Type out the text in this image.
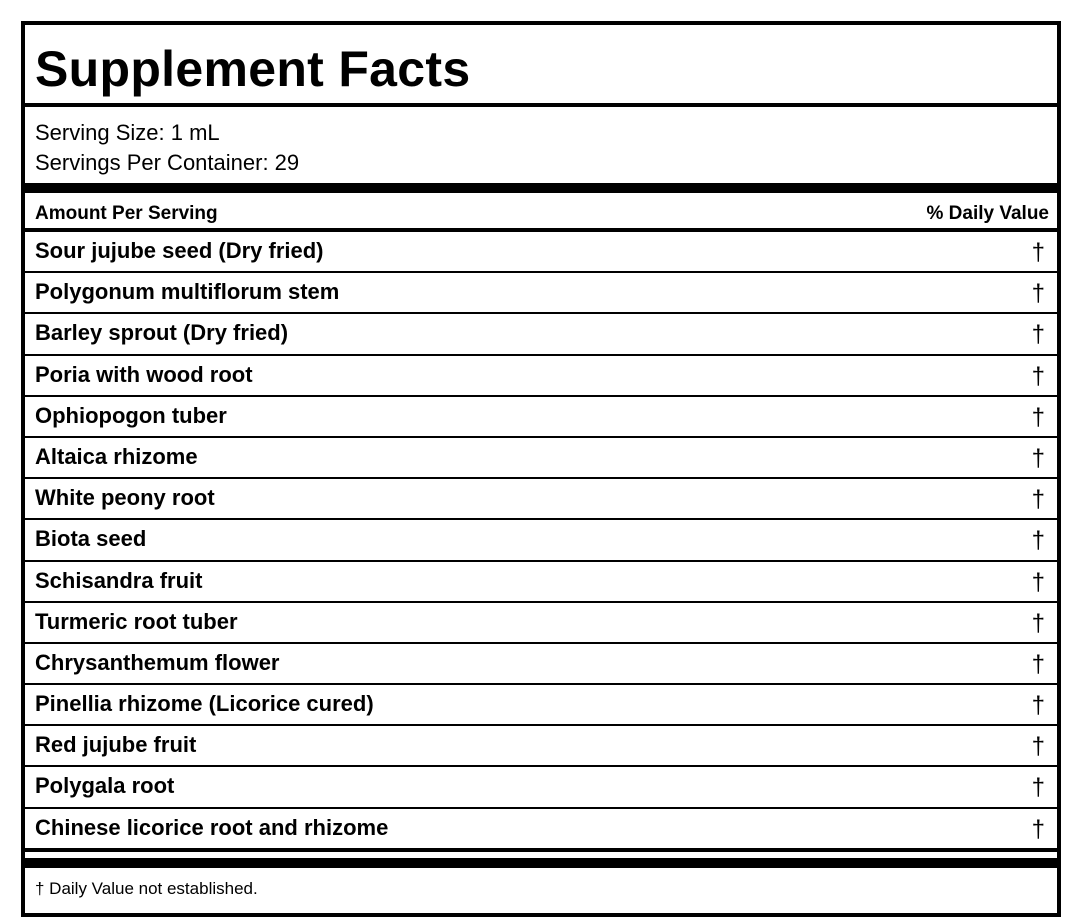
Supplement Facts
Serving Size: 1 mL
Servings Per Container: 29
Amount Per Serving	% Daily Value
Sour jujube seed (Dry fried)	†
Polygonum multiflorum stem	†
Barley sprout (Dry fried)	†
Poria with wood root	†
Ophiopogon tuber	†
Altaica rhizome	†
White peony root	†
Biota seed	†
Schisandra fruit	†
Turmeric root tuber	†
Chrysanthemum flower	†
Pinellia rhizome (Licorice cured)	†
Red jujube fruit	†
Polygala root	†
Chinese licorice root and rhizome	†
† Daily Value not established.
